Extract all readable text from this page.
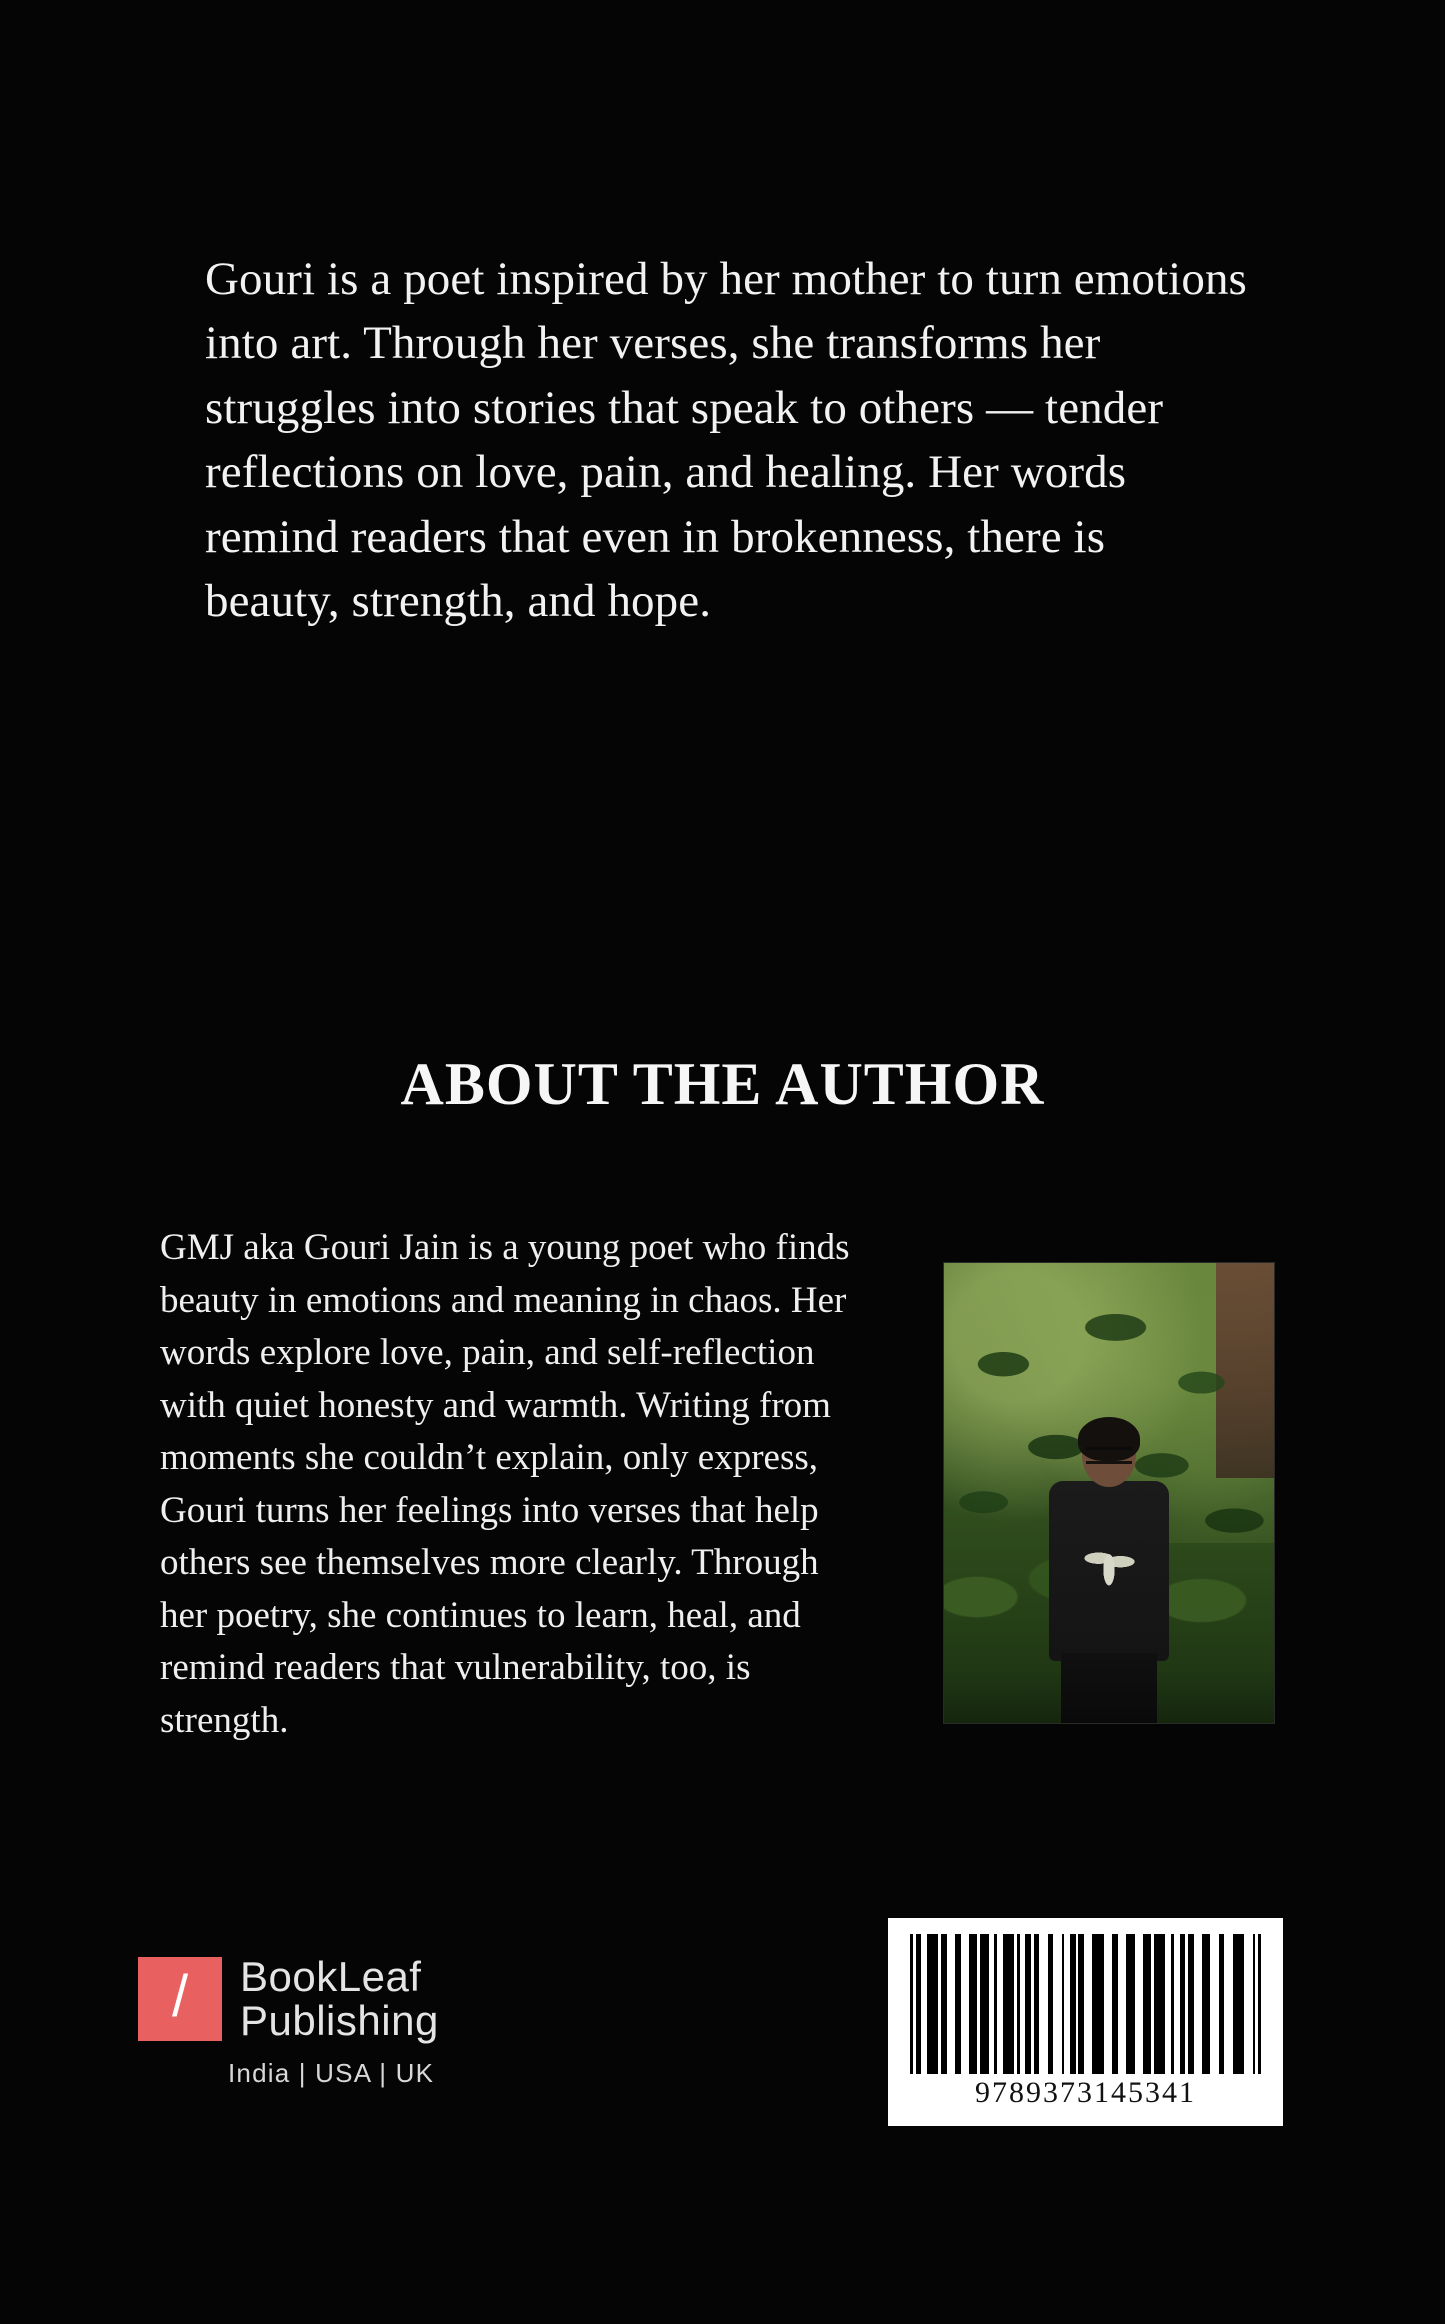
Gouri is a poet inspired by her mother to turn emotions into art. Through her verses, she transforms her struggles into stories that speak to others — tender reflections on love, pain, and healing. Her words remind readers that even in brokenness, there is beauty, strength, and hope.

ABOUT THE AUTHOR

GMJ aka Gouri Jain is a young poet who finds beauty in emotions and meaning in chaos. Her words explore love, pain, and self-reflection with quiet honesty and warmth. Writing from moments she couldn’t explain, only express, Gouri turns her feelings into verses that help others see themselves more clearly. Through her poetry, she continues to learn, heal, and remind readers that vulnerability, too, is strength.

/ BookLeaf
Publishing
India | USA | UK
9789373145341
